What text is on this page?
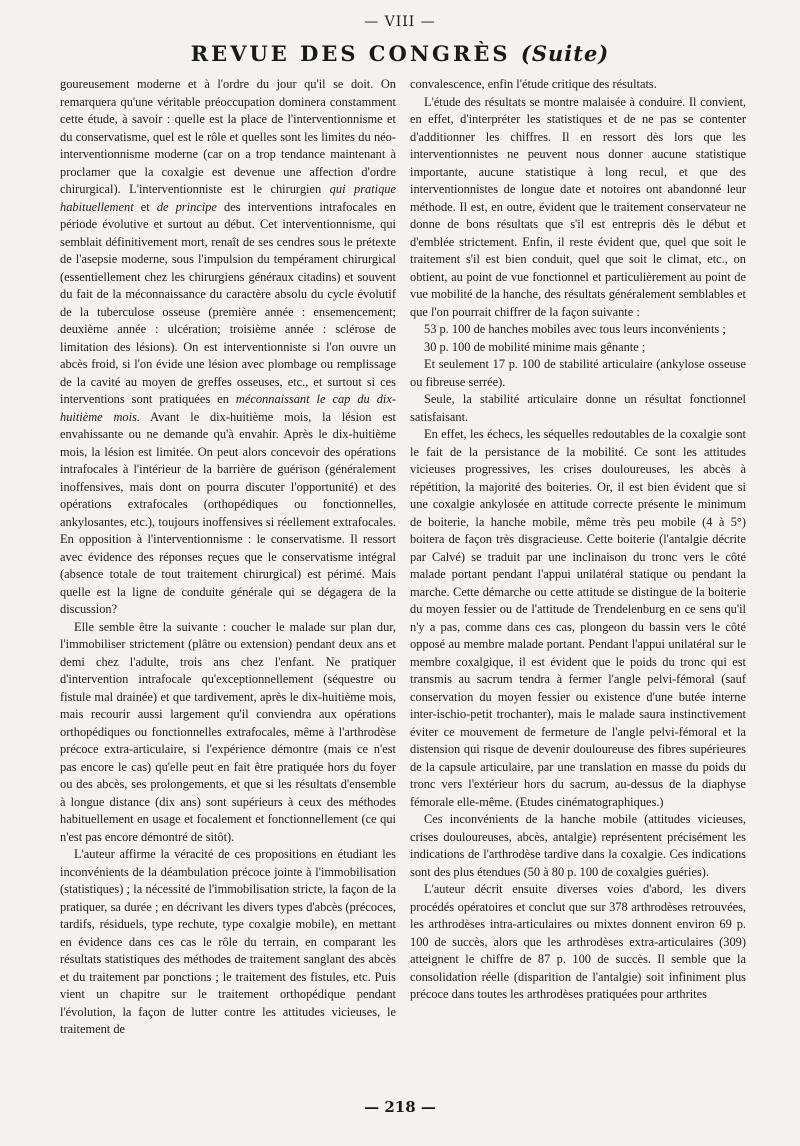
— VIII —
REVUE DES CONGRÈS (Suite)

goureusement moderne et à l'ordre du jour qu'il se doit. On remarquera qu'une véritable préoccupation dominera constamment cette étude, à savoir : quelle est la place de l'interventionnisme et du conservatisme, quel est le rôle et quelles sont les limites du néo-interventionnisme moderne (car on a trop tendance maintenant à proclamer que la coxalgie est devenue une affection d'ordre chirurgical). L'interventionniste est le chirurgien qui pratique habituellement et de principe des interventions intrafocales en période évolutive et surtout au début. Cet interventionnisme, qui semblait définitivement mort, renaît de ses cendres sous le prétexte de l'asepsie moderne, sous l'impulsion du tempérament chirurgical (essentiellement chez les chirurgiens généraux citadins) et souvent du fait de la méconnaissance du caractère absolu du cycle évolutif de la tuberculose osseuse (première année : ensemencement; deuxième année : ulcération; troisième année : sclérose de limitation des lésions). On est interventionniste si l'on ouvre un abcès froid, si l'on évide une lésion avec plombage ou remplissage de la cavité au moyen de greffes osseuses, etc., et surtout si ces interventions sont pratiquées en méconnaissant le cap du dix-huitième mois. Avant le dix-huitième mois, la lésion est envahissante ou ne demande qu'à envahir. Après le dix-huitième mois, la lésion est limitée. On peut alors concevoir des opérations intrafocales à l'intérieur de la barrière de guérison (généralement inoffensives, mais dont on pourra discuter l'opportunité) et des opérations extrafocales (orthopédiques ou fonctionnelles, ankylosantes, etc.), toujours inoffensives si réellement extrafocales. En opposition à l'interventionnisme : le conservatisme. Il ressort avec évidence des réponses reçues que le conservatisme intégral (absence totale de tout traitement chirurgical) est périmé. Mais quelle est la ligne de conduite générale qui se dégagera de la discussion?

Elle semble être la suivante : coucher le malade sur plan dur, l'immobiliser strictement (plâtre ou extension) pendant deux ans et demi chez l'adulte, trois ans chez l'enfant. Ne pratiquer d'intervention intrafocale qu'exceptionnellement (séquestre ou fistule mal drainée) et que tardivement, après le dix-huitième mois, mais recourir aussi largement qu'il conviendra aux opérations orthopédiques ou fonctionnelles extrafocales, même à l'arthrodèse précoce extra-articulaire, si l'expérience démontre (mais ce n'est pas encore le cas) qu'elle peut en fait être pratiquée hors du foyer ou des abcès, ses prolongements, et que si les résultats d'ensemble à longue distance (dix ans) sont supérieurs à ceux des méthodes habituellement en usage et focalement et fonctionnellement (ce qui n'est pas encore démontré de sitôt).

L'auteur affirme la véracité de ces propositions en étudiant les inconvénients de la déambulation précoce jointe à l'immobilisation (statistiques) ; la nécessité de l'immobilisation stricte, la façon de la pratiquer, sa durée ; en décrivant les divers types d'abcès (précoces, tardifs, résiduels, type rechute, type coxalgie mobile), en mettant en évidence dans ces cas le rôle du terrain, en comparant les résultats statistiques des méthodes de traitement sanglant des abcès et du traitement par ponctions ; le traitement des fistules, etc. Puis vient un chapitre sur le traitement orthopédique pendant l'évolution, la façon de lutter contre les attitudes vicieuses, le traitement de

convalescence, enfin l'étude critique des résultats.

L'étude des résultats se montre malaisée à conduire. Il convient, en effet, d'interpréter les statistiques et de ne pas se contenter d'additionner les chiffres. Il en ressort dès lors que les interventionnistes ne peuvent nous donner aucune statistique importante, aucune statistique à long recul, et que des interventionnistes de longue date et notoires ont abandonné leur méthode. Il est, en outre, évident que le traitement conservateur ne donne de bons résultats que s'il est entrepris dès le début et d'emblée strictement. Enfin, il reste évident que, quel que soit le traitement s'il est bien conduit, quel que soit le climat, etc., on obtient, au point de vue fonctionnel et particulièrement au point de vue mobilité de la hanche, des résultats généralement semblables et que l'on pourrait chiffrer de la façon suivante :

53 p. 100 de hanches mobiles avec tous leurs inconvénients ;

30 p. 100 de mobilité minime mais gênante ;

Et seulement 17 p. 100 de stabilité articulaire (ankylose osseuse ou fibreuse serrée).

Seule, la stabilité articulaire donne un résultat fonctionnel satisfaisant.

En effet, les échecs, les séquelles redoutables de la coxalgie sont le fait de la persistance de la mobilité. Ce sont les attitudes vicieuses progressives, les crises douloureuses, les abcès à répétition, la majorité des boiteries. Or, il est bien évident que si une coxalgie ankylosée en attitude correcte présente le minimum de boiterie, la hanche mobile, même très peu mobile (4 à 5°) boitera de façon très disgracieuse. Cette boiterie (l'antalgie décrite par Calvé) se traduit par une inclinaison du tronc vers le côté malade portant pendant l'appui unilatéral statique ou pendant la marche. Cette démarche ou cette attitude se distingue de la boiterie du moyen fessier ou de l'attitude de Trendelenburg en ce sens qu'il n'y a pas, comme dans ces cas, plongeon du bassin vers le côté opposé au membre malade portant. Pendant l'appui unilatéral sur le membre coxalgique, il est évident que le poids du tronc qui est transmis au sacrum tendra à fermer l'angle pelvi-fémoral (sauf conservation du moyen fessier ou existence d'une butée interne inter-ischio-petit trochanter), mais le malade saura instinctivement éviter ce mouvement de fermeture de l'angle pelvi-fémoral et la distension qui risque de devenir douloureuse des fibres supérieures de la capsule articulaire, par une translation en masse du poids du tronc vers l'extérieur hors du sacrum, au-dessus de la diaphyse fémorale elle-même. (Etudes cinématographiques.)

Ces inconvénients de la hanche mobile (attitudes vicieuses, crises douloureuses, abcès, antalgie) représentent précisément les indications de l'arthrodèse tardive dans la coxalgie. Ces indications sont des plus étendues (50 à 80 p. 100 de coxalgies guéries).

L'auteur décrit ensuite diverses voies d'abord, les divers procédés opératoires et conclut que sur 378 arthrodèses retrouvées, les arthrodèses intra-articulaires ou mixtes donnent environ 69 p. 100 de succès, alors que les arthrodèses extra-articulaires (309) atteignent le chiffre de 87 p. 100 de succès. Il semble que la consolidation réelle (disparition de l'antalgie) soit infiniment plus précoce dans toutes les arthrodèses pratiquées pour arthrites

— 218 —
